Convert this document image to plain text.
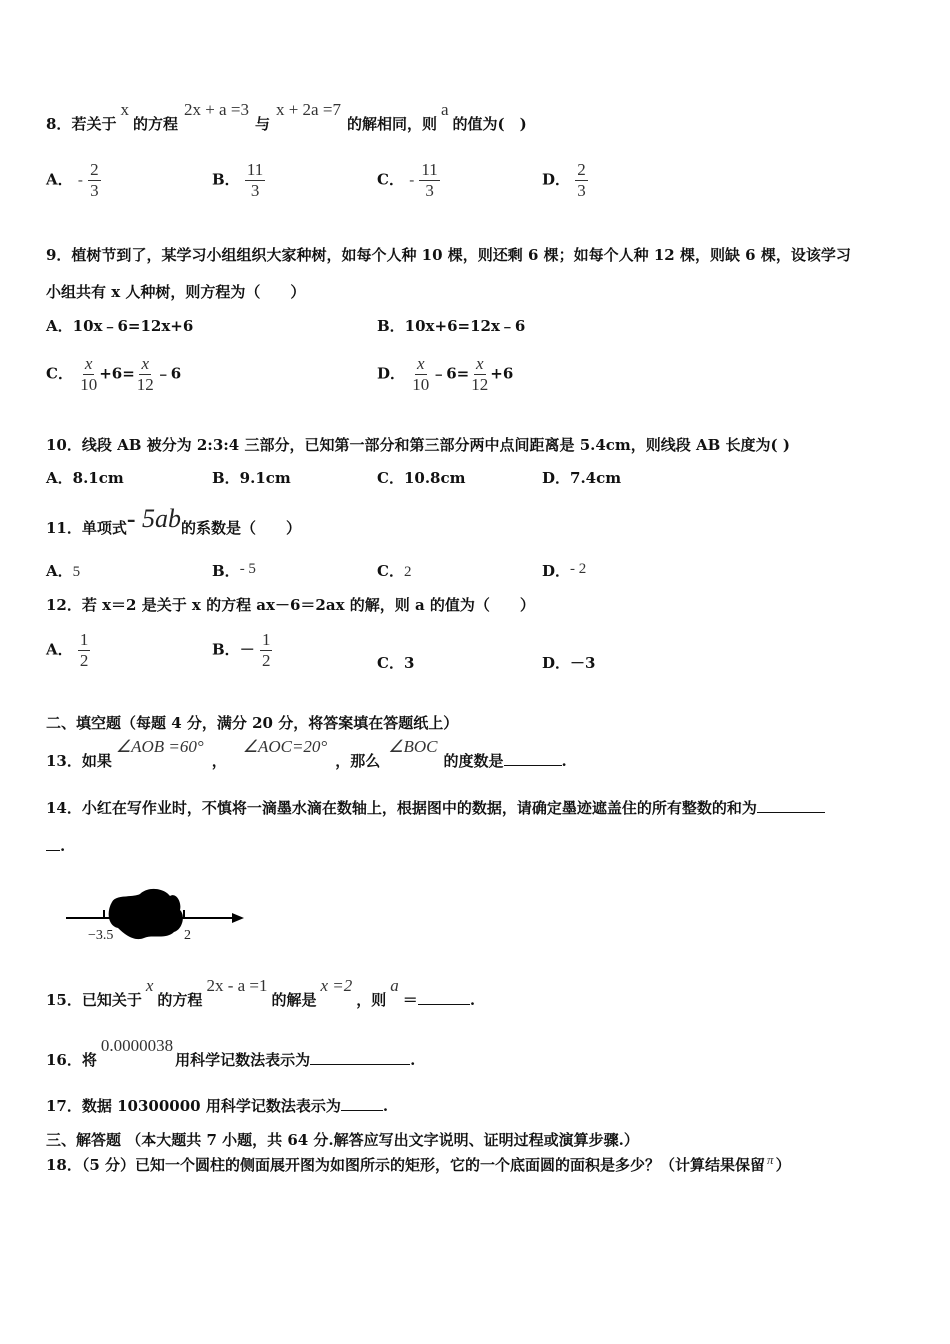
8．若关于x的方程2x + a =3与x + 2a =7的解相同，则a的值为(　)
A． - $\frac{2}{3}$	B． $\frac{11}{3}$	C． - $\frac{11}{3}$	D． $\frac{2}{3}$
9．植树节到了，某学习小组组织大家种树，如每个人种 10 棵，则还剩 6 棵；如每个人种 12 棵，则缺 6 棵，设该学习
小组共有 x 人种树，则方程为（　　）
A．10x﹣6=12x+6	B．10x+6=12x﹣6
C． $\frac{x}{10} +6= \frac{x}{12}$ ﹣6	D． $\frac{x}{10}$ ﹣6= $\frac{x}{12} +6$
10．线段 AB 被分为 2:3:4 三部分，已知第一部分和第三部分两中点间距离是 5.4cm，则线段 AB 长度为( )
A．8.1cm	B．9.1cm	C．10.8cm	D．7.4cm
11．单项式- 5ab的系数是（　　）
A．5	B．- 5	C．2	D．- 2
12．若 x＝2 是关于 x 的方程 ax－6＝2ax 的解，则 a 的值为（　　）
A． $\frac{1}{2}$	B．－ $\frac{1}{2}$	C．3	D．－3
二、填空题（每题 4 分，满分 20 分，将答案填在答题纸上）
13．如果∠AOB =60°，∠AOC=20°，那么∠BOC的度数是	.
14．小红在写作业时，不慎将一滴墨水滴在数轴上，根据图中的数据，请确定墨迹遮盖住的所有整数的和为
.
−3.5	2
15．已知关于x的方程2x - a =1的解是x =2，则a＝	.
16．将0.0000038用科学记数法表示为	.
17．数据 10300000 用科学记数法表示为	.
三、解答题 （本大题共 7 小题，共 64 分.解答应写出文字说明、证明过程或演算步骤.）
18．（5 分）已知一个圆柱的侧面展开图为如图所示的矩形，它的一个底面圆的面积是多少？（计算结果保留 π ）
